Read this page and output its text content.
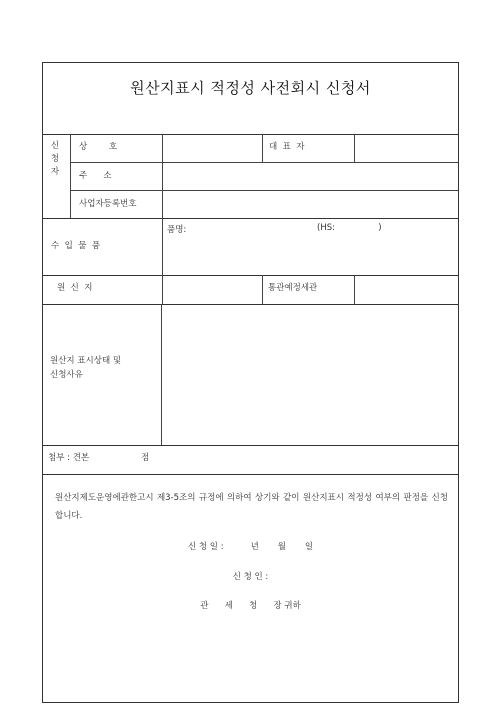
원산지표시 적정성 사전회시 신청서
신
청
자
상        호	대  표  자
주      소
사업자등록번호
수  입  물  품
품명:	(HS:                )
원  신  지	통관예정세관
원산지 표시상태 및
신청사유
첨부 : 견본	점
원산지제도운영에관한고시 제3-5조의 규정에 의하여 상기와 같이 원산지표시 적정성 여부의 판정을 신청합니다.
신 청 일 :          년       월       일
신 청 인 :
관      세      청      장 귀하
